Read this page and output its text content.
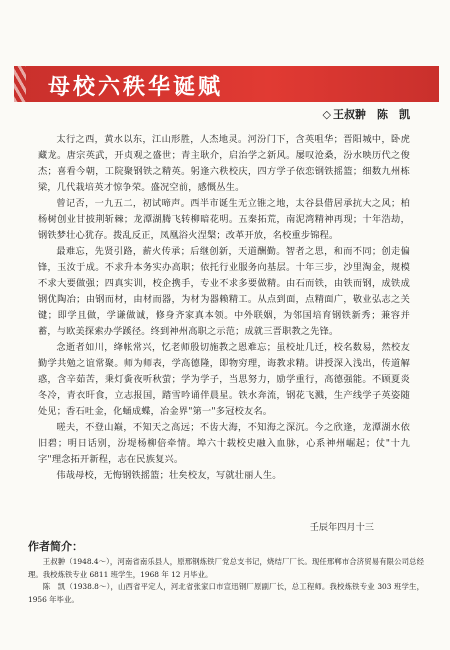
母校六秩华诞赋
◇ 王叔翀　陈　凯

太行之西，黄水以东，江山形胜，人杰地灵。河汾门下，含英咀华；晋阳城中，卧虎藏龙。唐宗英武，开贞观之盛世；青主耿介，启治学之新风。屡叹沧桑，汾水映历代之俊杰；喜看今朝，工院聚钢铁之精英。躬逢六秩校庆，四方学子依恋钢铁摇篮；细数九州栋梁，几代栽培英才惊争荣。盛况空前，感慨丛生。

曾记否，一九五二，初试啼声。西半市诞生无立锥之地，太谷县借居承抗大之风；柏杨树创业甘披荆斩棘；龙潭湖腾飞转柳暗花明。五秦拓荒，南泥湾精神再现；十年浩劫，钢铁梦壮心犹存。拨乱反正，凤凰浴火涅槃；改革开放，名校重步锦程。

最难忘，先贤引路，薪火传承；后继创新，天道酬勤。智者之思，和而不同；创走偏锋，玉汝于成。不求升本务实办高职；依托行业服务向基层。十年三步，沙里淘金，规模不求大要做强；四真实训，校企携手，专业不求多要做精。由石而铁，由铁而钢，成铁成钢优陶冶；由钢而材，由材而器，为材为器赖精工。从点到面，点精面广，敬业弘志之关键；即学且做，学谦做诚，修身齐家真本领。中外联姻，为邻国培育钢铁新秀；兼容并蓄，与欧美探索办学蹊径。终到神州高职之示范；成就三晋职教之先锋。

念逝者如川，绛帐常兴，忆老师殷切施教之恩难忘；虽校址几迁，校名数易，然校友勤学共勉之谊常聚。师为师表，学高德隆，即物穷理，诲教求精。讲授深入浅出，传道解惑，含辛茹苦，秉灯夤夜听秋萤；学为学子，当思努力，励学重行，高德强能。不顾夏炎冬冷，青衣旰食，立志报国，踏雪吟诵伴晨星。铁水奔流，钢花飞溅，生产线学子英姿随处见；香石吐金，化蛹成蝶，冶金界"第一"多冠校友名。

嗟夫，不登山巅，不知天之高远；不齿大海，不知海之深沉。今之欣逢，龙潭湖水依旧碧；明日话别，汾堤杨柳倍牵情。埠六十载校史融入血脉，心系神州崛起；仗"十九字"理念拓开新程，志在民族复兴。

伟哉母校，无悔钢铁摇篮；壮矣校友，写就壮丽人生。

壬辰年四月十三
作者简介：

王叔翀（1948.4～），河南省南乐县人，原邢钢炼铁厂党总支书记，烧结厂厂长。现任邢郸市合济贸易有限公司总经理。我校炼铁专业 6811 班学生，1968 年 12 月毕业。

陈　凯（1938.8～），山西省平定人，河北省张家口市宣迅钢厂原副厂长，总工程师。我校炼铁专业 303 班学生，1956 年毕业。
